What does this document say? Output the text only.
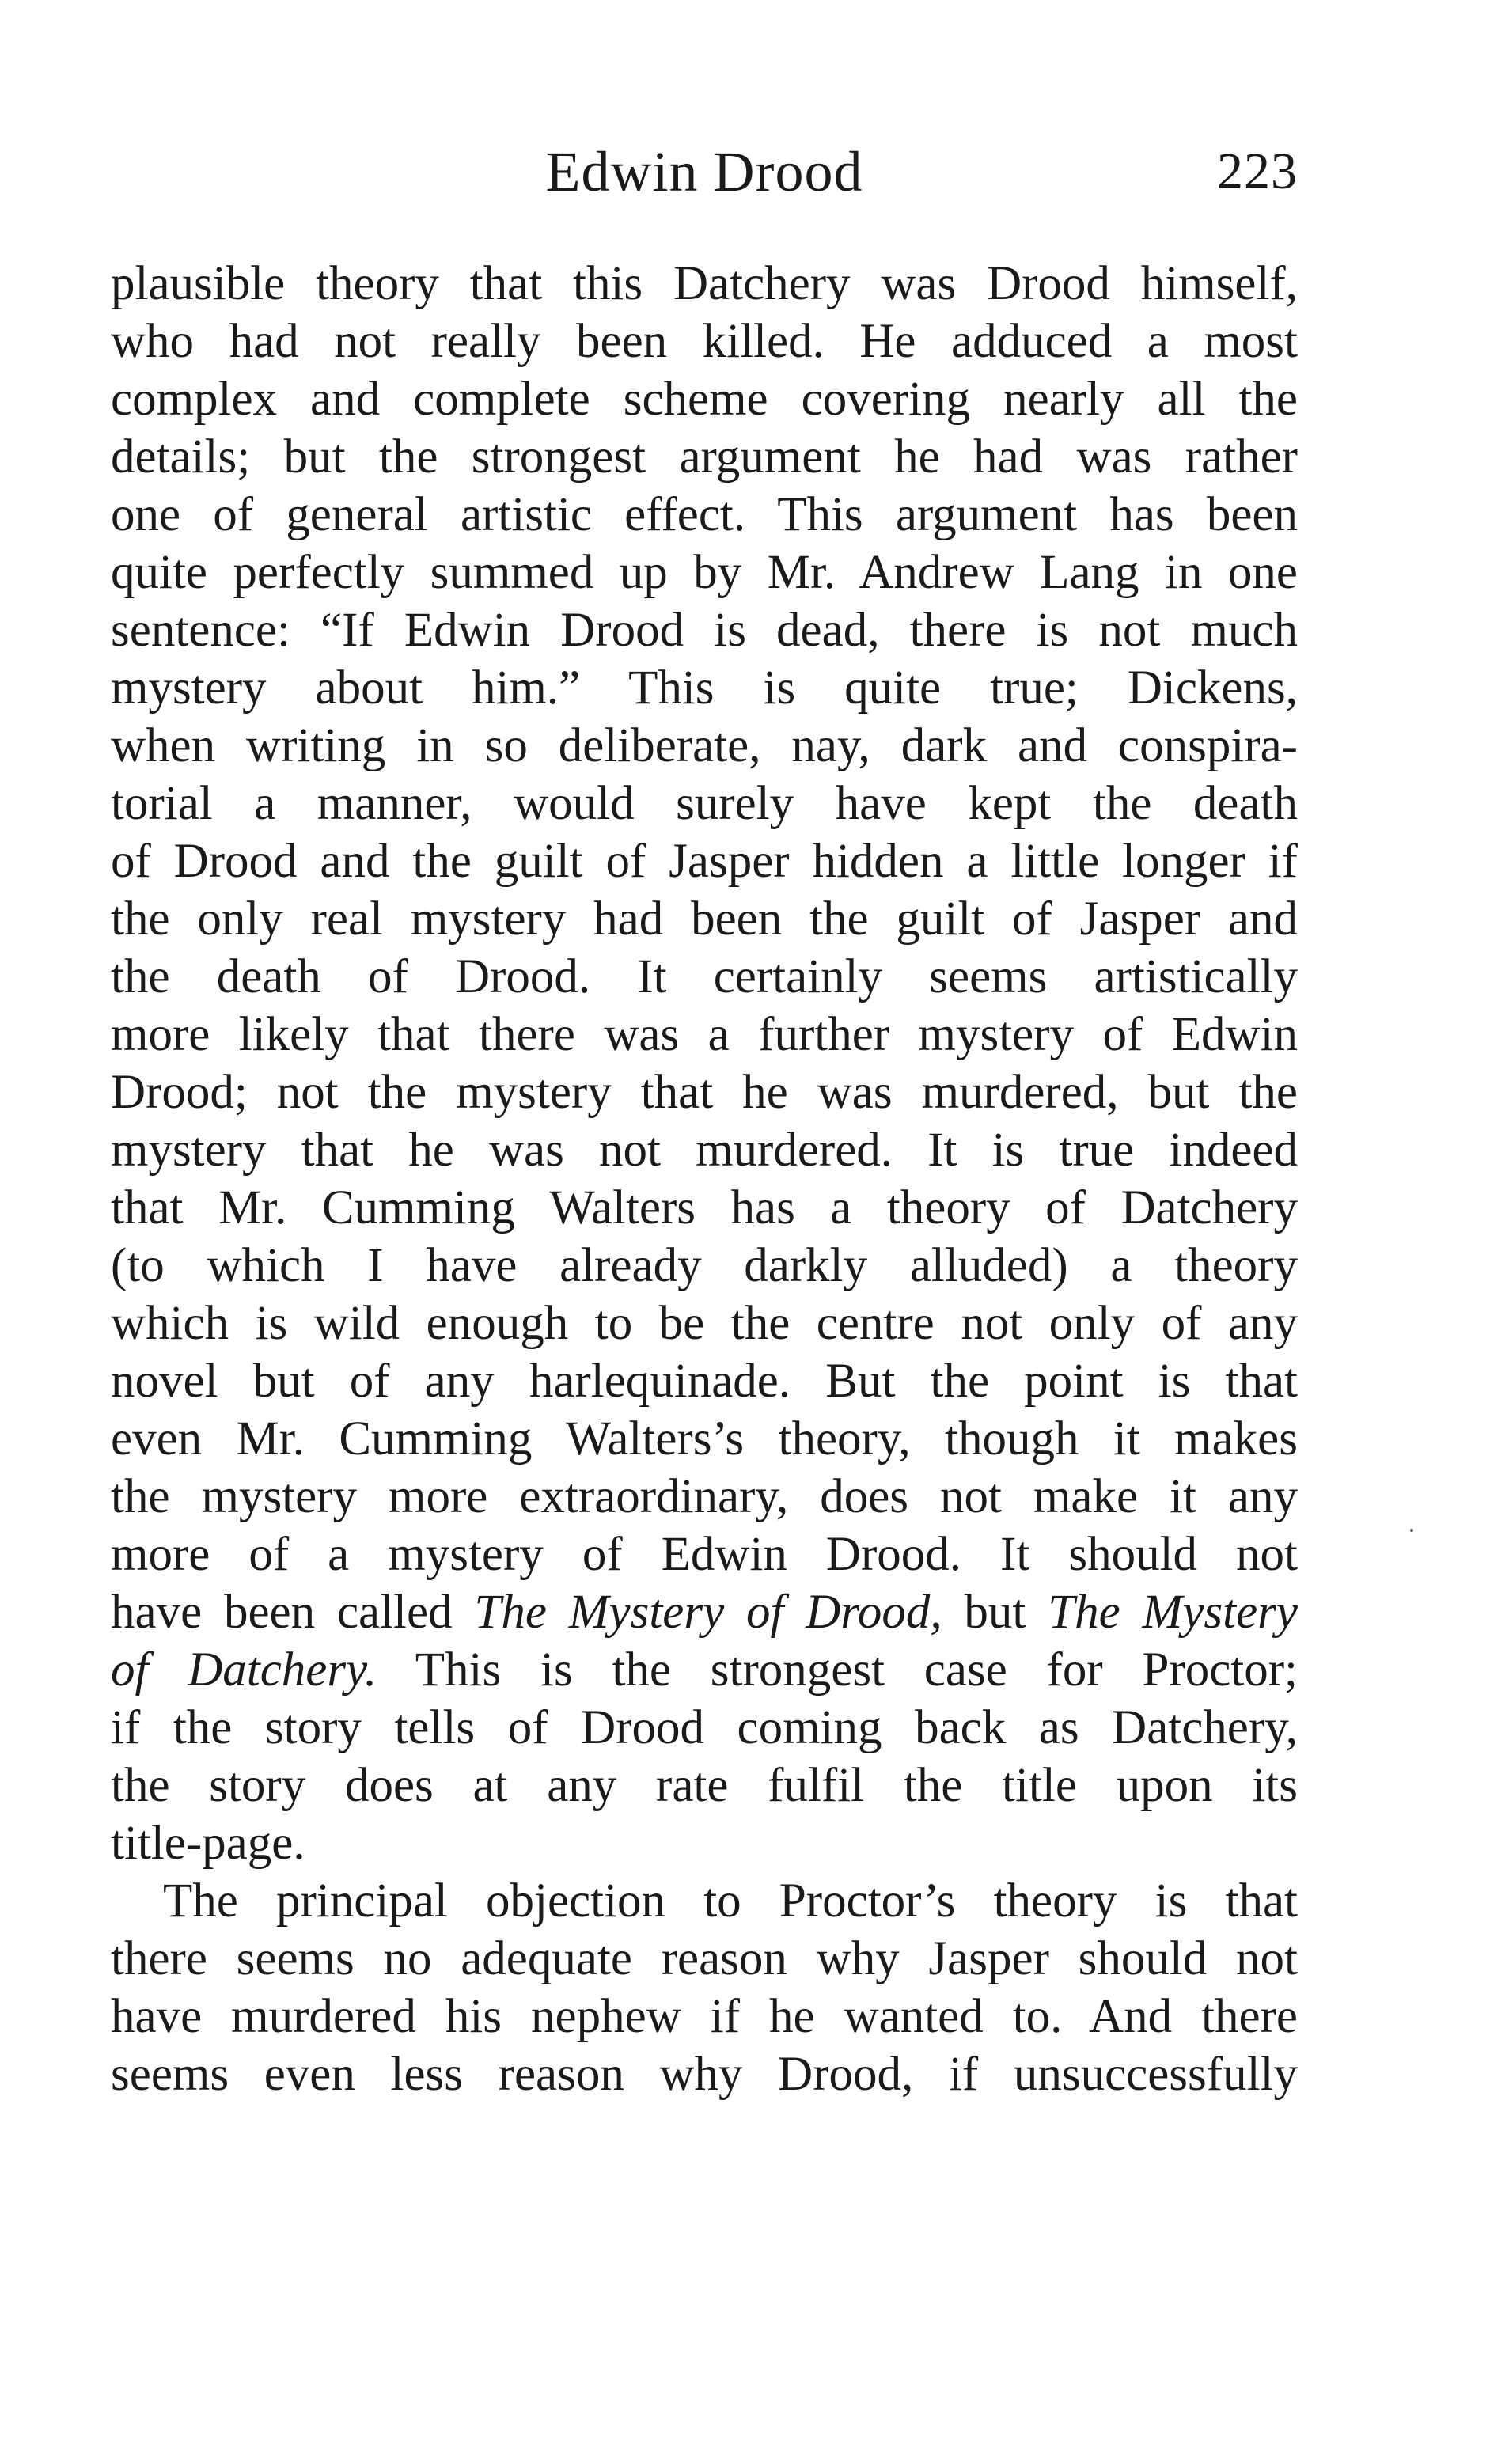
Edwin Drood	223
plausible theory that this Datchery was Drood himself,
who had not really been killed. He adduced a most
complex and complete scheme covering nearly all the
details; but the strongest argument he had was rather
one of general artistic effect. This argument has been
quite perfectly summed up by Mr. Andrew Lang in one
sentence: “If Edwin Drood is dead, there is not much
mystery about him.” This is quite true; Dickens,
when writing in so deliberate, nay, dark and conspira-
torial a manner, would surely have kept the death
of Drood and the guilt of Jasper hidden a little longer if
the only real mystery had been the guilt of Jasper and
the death of Drood. It certainly seems artistically
more likely that there was a further mystery of Edwin
Drood; not the mystery that he was murdered, but the
mystery that he was not murdered. It is true indeed
that Mr. Cumming Walters has a theory of Datchery
(to which I have already darkly alluded) a theory
which is wild enough to be the centre not only of any
novel but of any harlequinade. But the point is that
even Mr. Cumming Walters’s theory, though it makes
the mystery more extraordinary, does not make it any
more of a mystery of Edwin Drood. It should not
have been called The Mystery of Drood, but The Mystery
of Datchery. This is the strongest case for Proctor;
if the story tells of Drood coming back as Datchery,
the story does at any rate fulfil the title upon its
title-page.
The principal objection to Proctor’s theory is that
there seems no adequate reason why Jasper should not
have murdered his nephew if he wanted to. And there
seems even less reason why Drood, if unsuccessfully
